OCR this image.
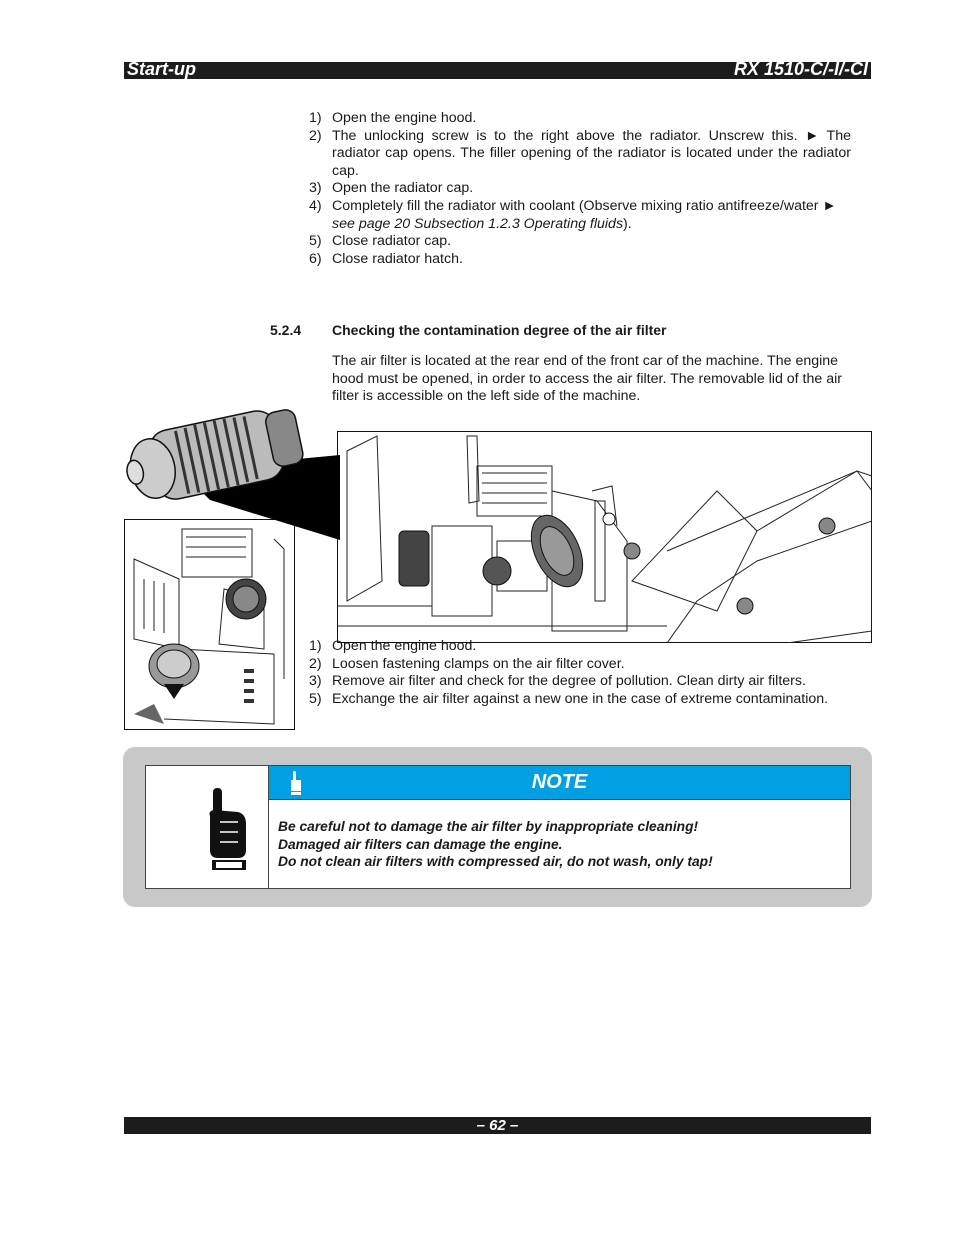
Start-up	RX 1510-C/-I/-CI
1) Open the engine hood.
2) The unlocking screw is to the right above the radiator. Unscrew this. ► The radiator cap opens. The filler opening of the radiator is located under the radiator cap.
3) Open the radiator cap.
4) Completely fill the radiator with coolant (Observe mixing ratio antifreeze/water ►
see page 20 Subsection 1.2.3 Operating fluids).
5) Close radiator cap.
6) Close radiator hatch.
5.2.4 Checking the contamination degree of the air filter
The air filter is located at the rear end of the front car of the machine. The engine hood must be opened, in order to access the air filter. The removable lid of the air filter is accessible on the left side of the machine.
1) Open the engine hood.
2) Loosen fastening clamps on the air filter cover.
3) Remove air filter and check for the degree of pollution. Clean dirty air filters.
5) Exchange the air filter against a new one in the case of extreme contamination.
NOTE
Be careful not to damage the air filter by inappropriate cleaning!
Damaged air filters can damage the engine.
Do not clean air filters with compressed air, do not wash, only tap!
– 62 –
